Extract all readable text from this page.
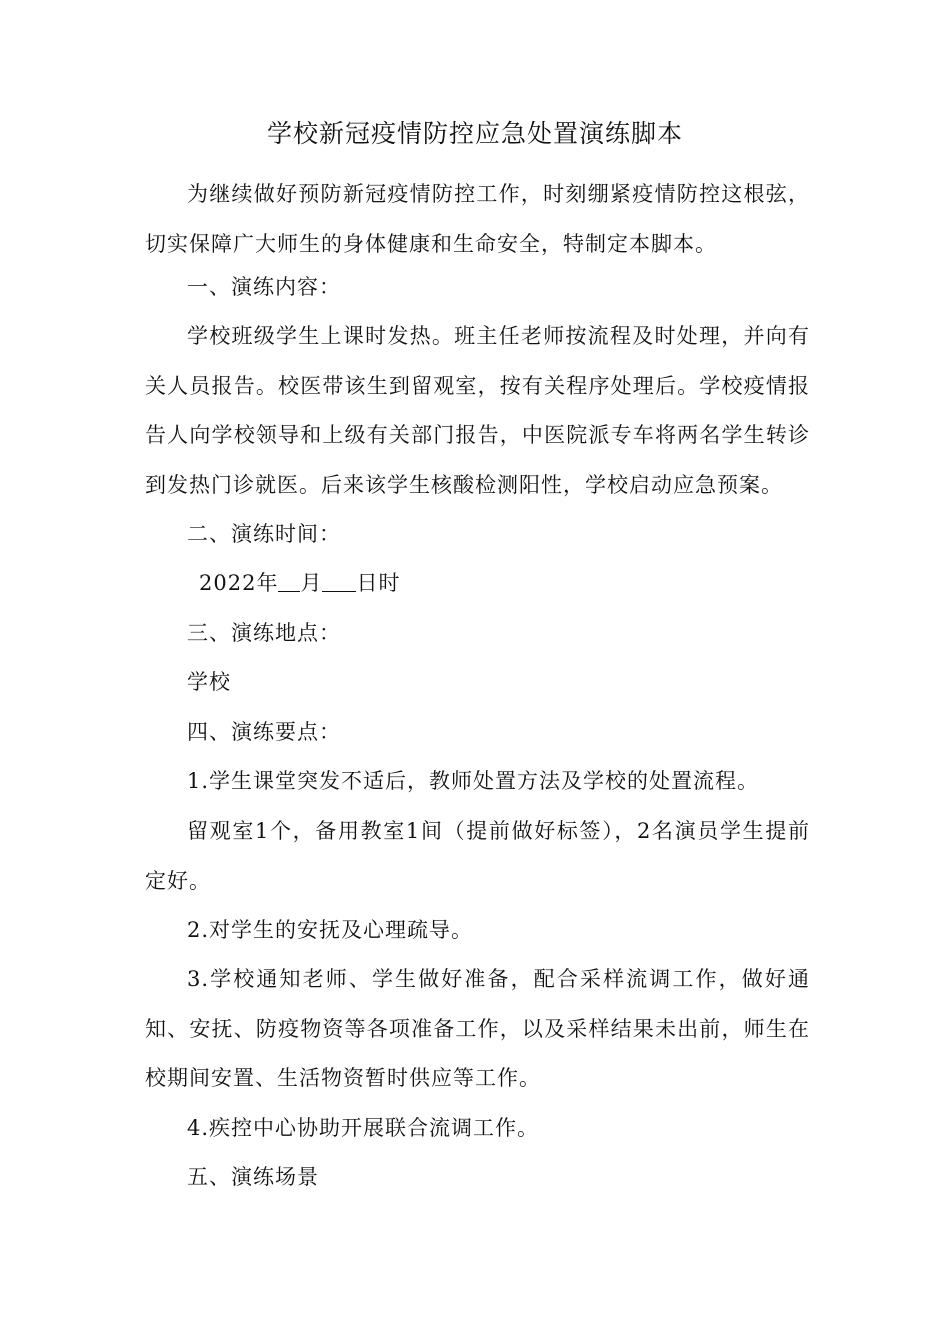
学校新冠疫情防控应急处置演练脚本

为继续做好预防新冠疫情防控工作，时刻绷紧疫情防控这根弦，切实保障广大师生的身体健康和生命安全，特制定本脚本。

一、演练内容：

学校班级学生上课时发热。班主任老师按流程及时处理，并向有关人员报告。校医带该生到留观室，按有关程序处理后。学校疫情报告人向学校领导和上级有关部门报告，中医院派专车将两名学生转诊到发热门诊就医。后来该学生核酸检测阳性，学校启动应急预案。

二、演练时间：

2022年 月 日时

三、演练地点：

学校

四、演练要点：

1.学生课堂突发不适后，教师处置方法及学校的处置流程。

留观室1个，备用教室1间（提前做好标签），2名演员学生提前定好。

2.对学生的安抚及心理疏导。

3.学校通知老师、学生做好准备，配合采样流调工作，做好通知、安抚、防疫物资等各项准备工作，以及采样结果未出前，师生在校期间安置、生活物资暂时供应等工作。

4.疾控中心协助开展联合流调工作。

五、演练场景
